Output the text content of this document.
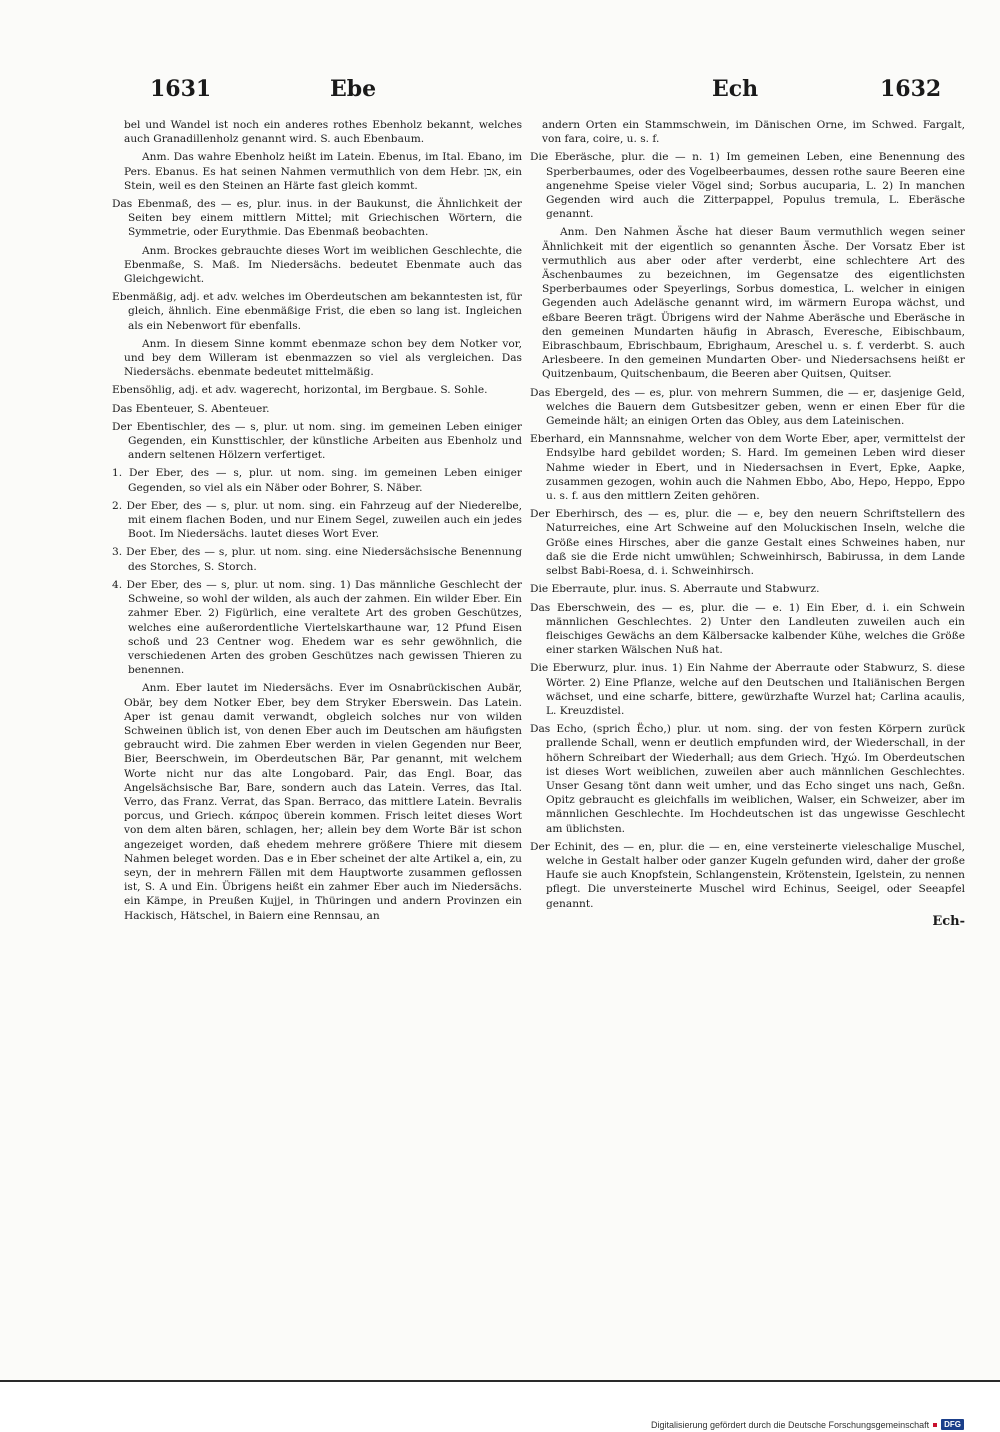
1631	Ebe	Ech	1632

bel und Wandel ist noch ein anderes rothes Ebenholz bekannt, welches auch Granadillenholz genannt wird. S. auch Ebenbaum.

Anm. Das wahre Ebenholz heißt im Latein. Ebenus, im Ital. Ebano, im Pers. Ebanus. Es hat seinen Nahmen vermuthlich von dem Hebr. אבן, ein Stein, weil es den Steinen an Härte fast gleich kommt.

Das Ebenmaß, des — es, plur. inus. in der Baukunst, die Ähnlichkeit der Seiten bey einem mittlern Mittel; mit Griechischen Wörtern, die Symmetrie, oder Eurythmie. Das Ebenmaß beobachten.

Anm. Brockes gebrauchte dieses Wort im weiblichen Geschlechte, die Ebenmaße, S. Maß. Im Niedersächs. bedeutet Ebenmate auch das Gleichgewicht.

Ebenmäßig, adj. et adv. welches im Oberdeutschen am bekanntesten ist, für gleich, ähnlich. Eine ebenmäßige Frist, die eben so lang ist. Ingleichen als ein Nebenwort für ebenfalls.

Anm. In diesem Sinne kommt ebenmaze schon bey dem Notker vor, und bey dem Willeram ist ebenmazzen so viel als vergleichen. Das Niedersächs. ebenmate bedeutet mittelmäßig.

Ebensöhlig, adj. et adv. wagerecht, horizontal, im Bergbaue. S. Sohle.

Das Ebenteuer, S. Abenteuer.

Der Ebentischler, des — s, plur. ut nom. sing. im gemeinen Leben einiger Gegenden, ein Kunsttischler, der künstliche Arbeiten aus Ebenholz und andern seltenen Hölzern verfertiget.

1. Der Eber, des — s, plur. ut nom. sing. im gemeinen Leben einiger Gegenden, so viel als ein Näber oder Bohrer, S. Näber.

2. Der Eber, des — s, plur. ut nom. sing. ein Fahrzeug auf der Niederelbe, mit einem flachen Boden, und nur Einem Segel, zuweilen auch ein jedes Boot. Im Niedersächs. lautet dieses Wort Ever.

3. Der Eber, des — s, plur. ut nom. sing. eine Niedersächsische Benennung des Storches, S. Storch.

4. Der Eber, des — s, plur. ut nom. sing. 1) Das männliche Geschlecht der Schweine, so wohl der wilden, als auch der zahmen. Ein wilder Eber. Ein zahmer Eber. 2) Figürlich, eine veraltete Art des groben Geschützes, welches eine außerordentliche Viertelskarthaune war, 12 Pfund Eisen schoß und 23 Centner wog. Ehedem war es sehr gewöhnlich, die verschiedenen Arten des groben Geschützes nach gewissen Thieren zu benennen.

Anm. Eber lautet im Niedersächs. Ever im Osnabrückischen Aubär, Obär, bey dem Notker Eber, bey dem Stryker Eberswein. Das Latein. Aper ist genau damit verwandt, obgleich solches nur von wilden Schweinen üblich ist, von denen Eber auch im Deutschen am häufigsten gebraucht wird. Die zahmen Eber werden in vielen Gegenden nur Beer, Bier, Beerschwein, im Oberdeutschen Bär, Par genannt, mit welchem Worte nicht nur das alte Longobard. Pair, das Engl. Boar, das Angelsächsische Bar, Bare, sondern auch das Latein. Verres, das Ital. Verro, das Franz. Verrat, das Span. Berraco, das mittlere Latein. Bevralis porcus, und Griech. κάπρος überein kommen. Frisch leitet dieses Wort von dem alten bären, schlagen, her; allein bey dem Worte Bär ist schon angezeiget worden, daß ehedem mehrere größere Thiere mit diesem Nahmen beleget worden. Das e in Eber scheinet der alte Artikel a, ein, zu seyn, der in mehrern Fällen mit dem Hauptworte zusammen geflossen ist, S. A und Ein. Übrigens heißt ein zahmer Eber auch im Niedersächs. ein Kämpe, in Preußen Kujjel, in Thüringen und andern Provinzen ein Hackisch, Hätschel, in Baiern eine Rennsau, an

andern Orten ein Stammschwein, im Dänischen Orne, im Schwed. Fargalt, von fara, coire, u. s. f.

Die Eberäsche, plur. die — n. 1) Im gemeinen Leben, eine Benennung des Sperberbaumes, oder des Vogelbeerbaumes, dessen rothe saure Beeren eine angenehme Speise vieler Vögel sind; Sorbus aucuparia, L. 2) In manchen Gegenden wird auch die Zitterpappel, Populus tremula, L. Eberäsche genannt.

Anm. Den Nahmen Äsche hat dieser Baum vermuthlich wegen seiner Ähnlichkeit mit der eigentlich so genannten Äsche. Der Vorsatz Eber ist vermuthlich aus aber oder after verderbt, eine schlechtere Art des Äschenbaumes zu bezeichnen, im Gegensatze des eigentlichsten Sperberbaumes oder Speyerlings, Sorbus domestica, L. welcher in einigen Gegenden auch Adeläsche genannt wird, im wärmern Europa wächst, und eßbare Beeren trägt. Übrigens wird der Nahme Aberäsche und Eberäsche in den gemeinen Mundarten häufig in Abrasch, Everesche, Eibischbaum, Eibraschbaum, Ebrischbaum, Ebrighaum, Areschel u. s. f. verderbt. S. auch Arlesbeere. In den gemeinen Mundarten Ober- und Niedersachsens heißt er Quitzenbaum, Quitschenbaum, die Beeren aber Quitsen, Quitser.

Das Ebergeld, des — es, plur. von mehrern Summen, die — er, dasjenige Geld, welches die Bauern dem Gutsbesitzer geben, wenn er einen Eber für die Gemeinde hält; an einigen Orten das Obley, aus dem Lateinischen.

Eberhard, ein Mannsnahme, welcher von dem Worte Eber, aper, vermittelst der Endsylbe hard gebildet worden; S. Hard. Im gemeinen Leben wird dieser Nahme wieder in Ebert, und in Niedersachsen in Evert, Epke, Aapke, zusammen gezogen, wohin auch die Nahmen Ebbo, Abo, Hepo, Heppo, Eppo u. s. f. aus den mittlern Zeiten gehören.

Der Eberhirsch, des — es, plur. die — e, bey den neuern Schriftstellern des Naturreiches, eine Art Schweine auf den Moluckischen Inseln, welche die Größe eines Hirsches, aber die ganze Gestalt eines Schweines haben, nur daß sie die Erde nicht umwühlen; Schweinhirsch, Babirussa, in dem Lande selbst Babi-Roesa, d. i. Schweinhirsch.

Die Eberraute, plur. inus. S. Aberraute und Stabwurz.

Das Eberschwein, des — es, plur. die — e. 1) Ein Eber, d. i. ein Schwein männlichen Geschlechtes. 2) Unter den Landleuten zuweilen auch ein fleischiges Gewächs an dem Kälbersacke kalbender Kühe, welches die Größe einer starken Wälschen Nuß hat.

Die Eberwurz, plur. inus. 1) Ein Nahme der Aberraute oder Stabwurz, S. diese Wörter. 2) Eine Pflanze, welche auf den Deutschen und Italiänischen Bergen wächset, und eine scharfe, bittere, gewürzhafte Wurzel hat; Carlina acaulis, L. Kreuzdistel.

Das Echo, (sprich Ëcho,) plur. ut nom. sing. der von festen Körpern zurück prallende Schall, wenn er deutlich empfunden wird, der Wiederschall, in der höhern Schreibart der Wiederhall; aus dem Griech. Ἠχώ. Im Oberdeutschen ist dieses Wort weiblichen, zuweilen aber auch männlichen Geschlechtes. Unser Gesang tönt dann weit umher, und das Echo singet uns nach, Geßn. Opitz gebraucht es gleichfalls im weiblichen, Walser, ein Schweizer, aber im männlichen Geschlechte. Im Hochdeutschen ist das ungewisse Geschlecht am üblichsten.

Der Echinit, des — en, plur. die — en, eine versteinerte vieleschalige Muschel, welche in Gestalt halber oder ganzer Kugeln gefunden wird, daher der große Haufe sie auch Knopfstein, Schlangenstein, Krötenstein, Igelstein, zu nennen pflegt. Die unversteinerte Muschel wird Echinus, Seeigel, oder Seeapfel genannt.

Ech-
Digitalisierung gefördert durch die Deutsche Forschungsgemeinschaft	DFG
